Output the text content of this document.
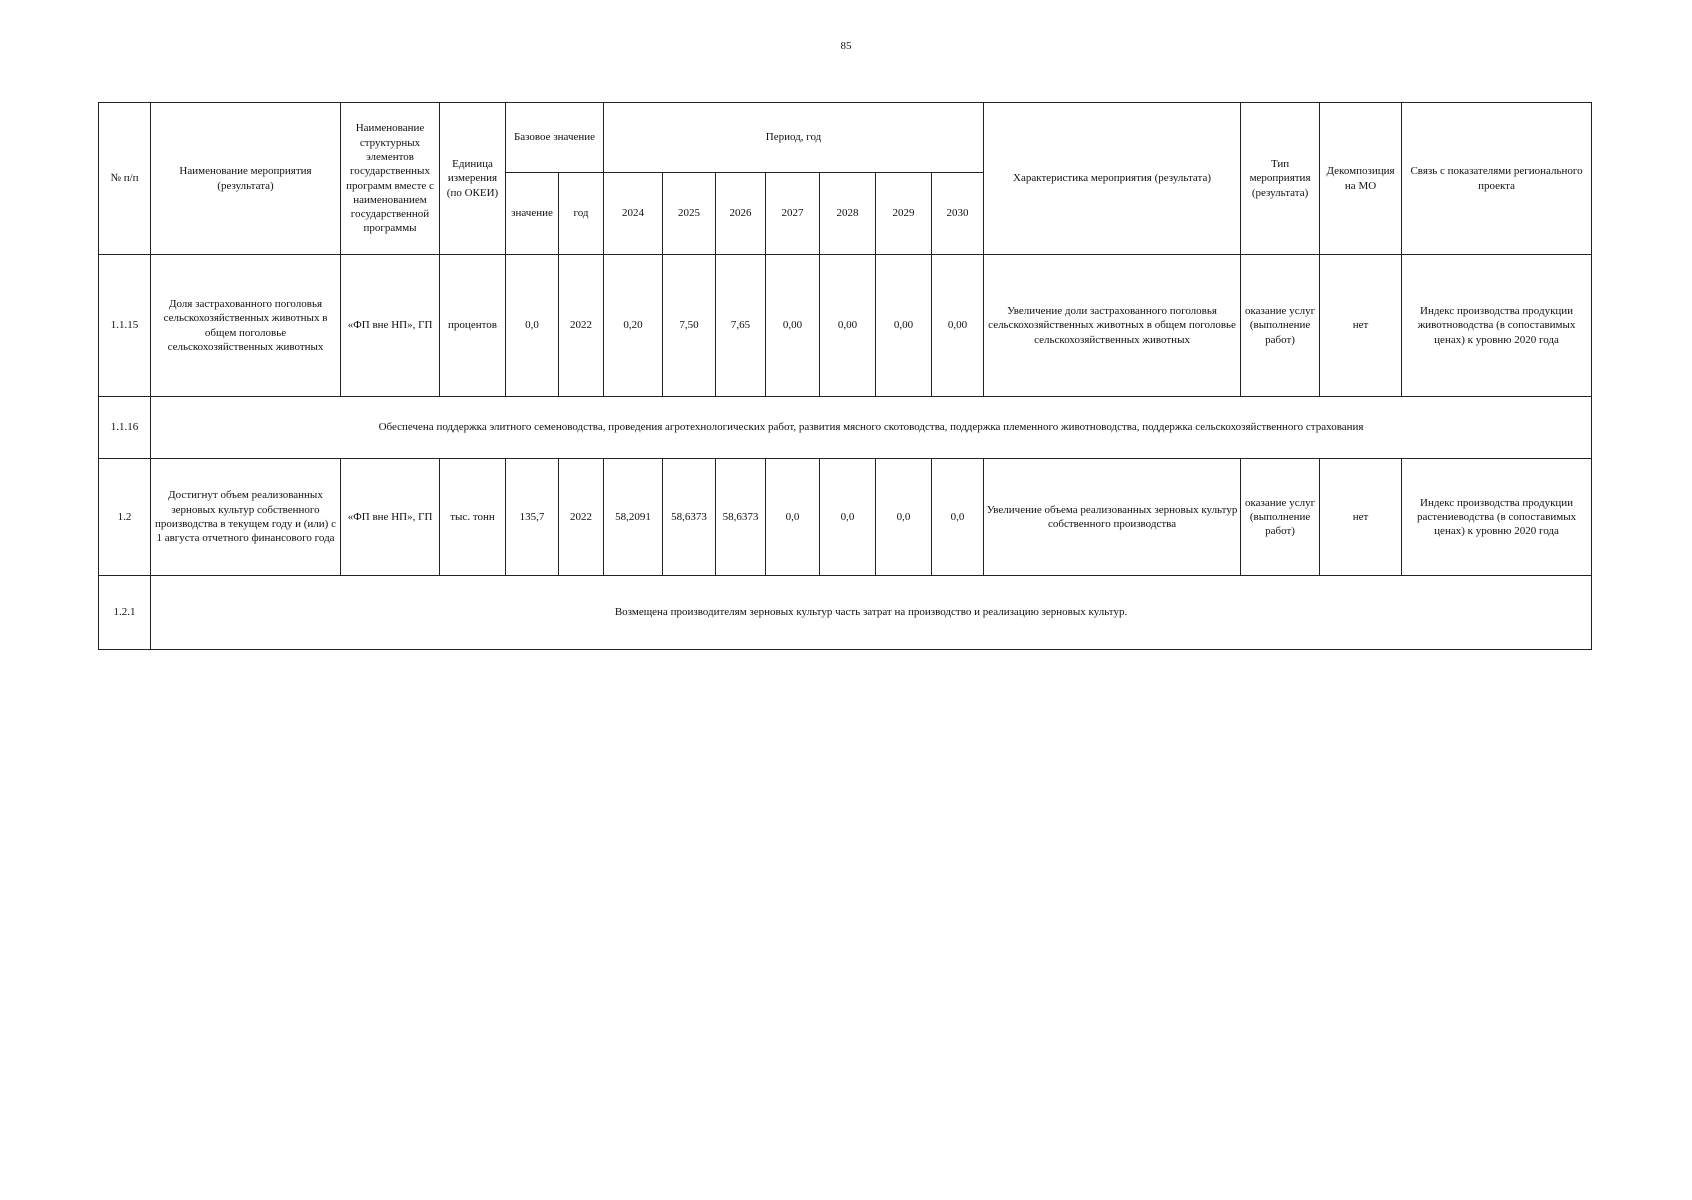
85
№ п/п	Наименование мероприятия (результата)	Наименование структурных элементов государственных программ вместе с наименованием государственной программы	Единица измерения (по ОКЕИ)	Базовое значение		Период, год							Характеристика мероприятия (результата)	Тип мероприятия (результата)	Декомпозиция на МО	Связь с показателями регионального проекта
				значение	год	2024	2025	2026	2027	2028	2029	2030				
1.1.15	Доля застрахованного поголовья сельскохозяйственных животных в общем поголовье сельскохозяйственных животных	«ФП вне НП», ГП	процентов	0,0	2022	0,20	7,50	7,65	0,00	0,00	0,00	0,00	Увеличение доли застрахованного поголовья сельскохозяйственных животных в общем поголовье сельскохозяйственных животных	оказание услуг (выполнение работ)	нет	Индекс производства продукции животноводства (в сопоставимых ценах) к уровню 2020 года
1.1.16	Обеспечена поддержка элитного семеноводства, проведения агротехнологических работ, развития мясного скотоводства, поддержка племенного животноводства, поддержка сельскохозяйственного страхования															
1.2	Достигнут объем реализованных зерновых культур собственного производства в текущем году и (или) с 1 августа отчетного финансового года	«ФП вне НП», ГП	тыс. тонн	135,7	2022	58,2091	58,6373	58,6373	0,0	0,0	0,0	0,0	Увеличение объема реализованных зерновых культур собственного производства	оказание услуг (выполнение работ)	нет	Индекс производства продукции растениеводства (в сопоставимых ценах) к уровню 2020 года
1.2.1	Возмещена производителям зерновых культур часть затрат на производство и реализацию зерновых культур.															
